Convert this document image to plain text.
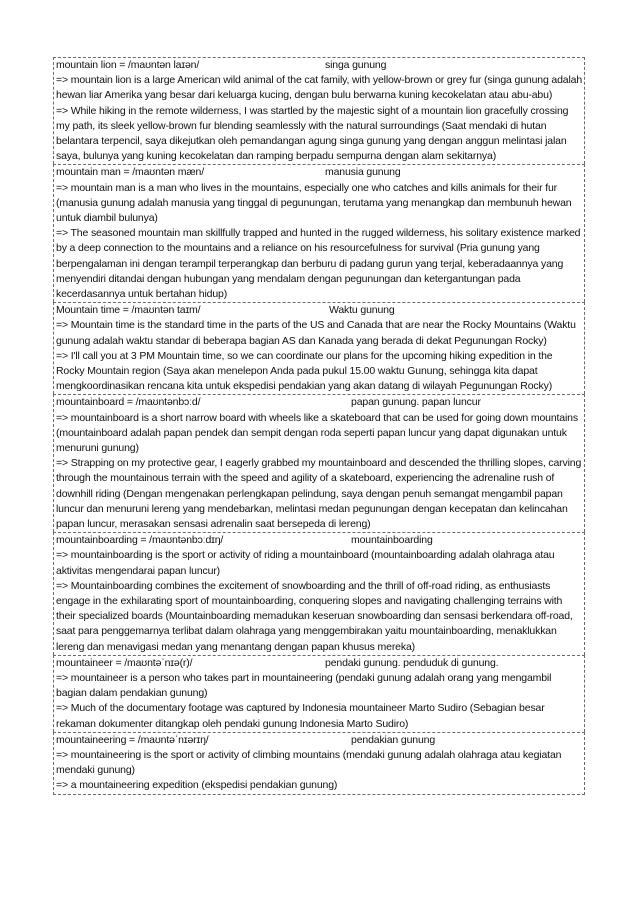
mountain lion = /maʊntən laɪən/	singa gunung
=> mountain lion is a large American wild animal of the cat family, with yellow-brown or grey fur (singa gunung adalah hewan liar Amerika yang besar dari keluarga kucing, dengan bulu berwarna kuning kecokelatan atau abu-abu)
=> While hiking in the remote wilderness, I was startled by the majestic sight of a mountain lion gracefully crossing my path, its sleek yellow-brown fur blending seamlessly with the natural surroundings (Saat mendaki di hutan belantara terpencil, saya dikejutkan oleh pemandangan agung singa gunung yang dengan anggun melintasi jalan saya, bulunya yang kuning kecokelatan dan ramping berpadu sempurna dengan alam sekitarnya)
mountain man = /maʊntən mæn/	manusia gunung
=> mountain man is a man who lives in the mountains, especially one who catches and kills animals for their fur (manusia gunung adalah manusia yang tinggal di pegunungan, terutama yang menangkap dan membunuh hewan untuk diambil bulunya)
=> The seasoned mountain man skillfully trapped and hunted in the rugged wilderness, his solitary existence marked by a deep connection to the mountains and a reliance on his resourcefulness for survival (Pria gunung yang berpengalaman ini dengan terampil terperangkap dan berburu di padang gurun yang terjal, keberadaannya yang menyendiri ditandai dengan hubungan yang mendalam dengan pegunungan dan ketergantungan pada kecerdasannya untuk bertahan hidup)
Mountain time = /maʊntən taɪm/	Waktu gunung
=> Mountain time is the standard time in the parts of the US and Canada that are near the Rocky Mountains (Waktu gunung adalah waktu standar di beberapa bagian AS dan Kanada yang berada di dekat Pegunungan Rocky)
=> I'll call you at 3 PM Mountain time, so we can coordinate our plans for the upcoming hiking expedition in the Rocky Mountain region (Saya akan menelepon Anda pada pukul 15.00 waktu Gunung, sehingga kita dapat mengkoordinasikan rencana kita untuk ekspedisi pendakian yang akan datang di wilayah Pegunungan Rocky)
mountainboard = /maʊntənbɔːd/	papan gunung. papan luncur
=> mountainboard is a short narrow board with wheels like a skateboard that can be used for going down mountains (mountainboard adalah papan pendek dan sempit dengan roda seperti papan luncur yang dapat digunakan untuk menuruni gunung)
=> Strapping on my protective gear, I eagerly grabbed my mountainboard and descended the thrilling slopes, carving through the mountainous terrain with the speed and agility of a skateboard, experiencing the adrenaline rush of downhill riding (Dengan mengenakan perlengkapan pelindung, saya dengan penuh semangat mengambil papan luncur dan menuruni lereng yang mendebarkan, melintasi medan pegunungan dengan kecepatan dan kelincahan papan luncur, merasakan sensasi adrenalin saat bersepeda di lereng)
mountainboarding = /maʊntənbɔːdɪŋ/	mountainboarding
=> mountainboarding is the sport or activity of riding a mountainboard (mountainboarding adalah olahraga atau aktivitas mengendarai papan luncur)
=> Mountainboarding combines the excitement of snowboarding and the thrill of off-road riding, as enthusiasts engage in the exhilarating sport of mountainboarding, conquering slopes and navigating challenging terrains with their specialized boards (Mountainboarding memadukan keseruan snowboarding dan sensasi berkendara off-road, saat para penggemarnya terlibat dalam olahraga yang menggembirakan yaitu mountainboarding, menaklukkan lereng dan menavigasi medan yang menantang dengan papan khusus mereka)
mountaineer = /maʊntəˈnɪə(r)/	pendaki gunung. penduduk di gunung.
=> mountaineer is a person who takes part in mountaineering (pendaki gunung adalah orang yang mengambil bagian dalam pendakian gunung)
=> Much of the documentary footage was captured by Indonesia mountaineer Marto Sudiro (Sebagian besar rekaman dokumenter ditangkap oleh pendaki gunung Indonesia Marto Sudiro)
mountaineering = /maʊntəˈnɪərɪŋ/	pendakian gunung
=> mountaineering is the sport or activity of climbing mountains (mendaki gunung adalah olahraga atau kegiatan mendaki gunung)
=> a mountaineering expedition (ekspedisi pendakian gunung)
